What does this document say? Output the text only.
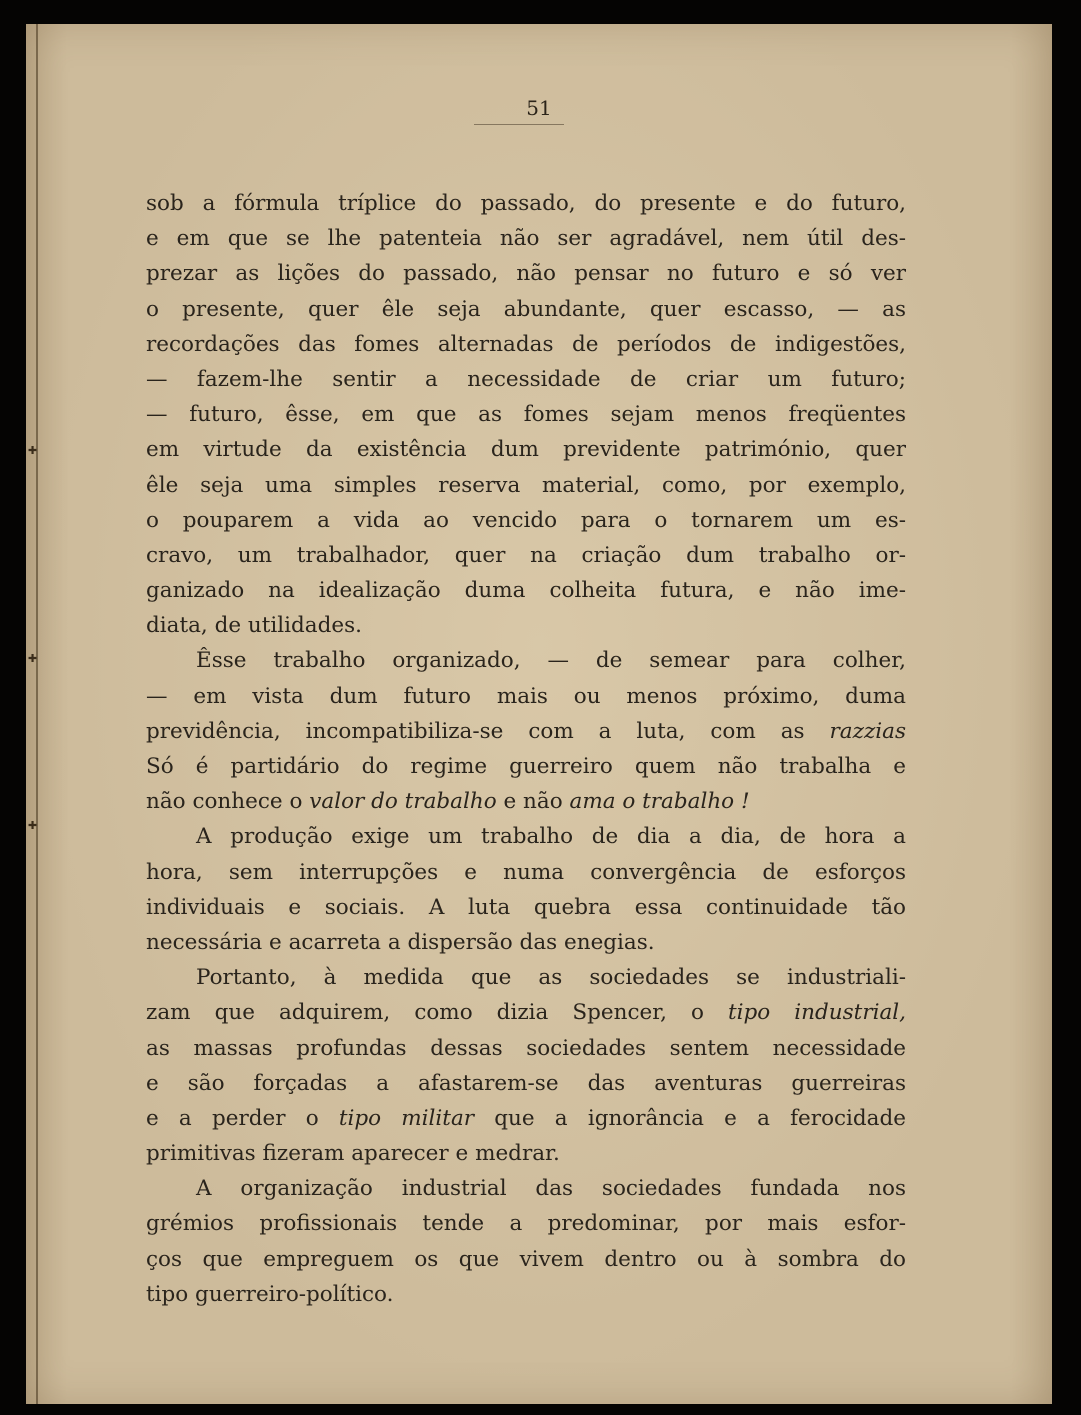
✚
✚
✚
51
sob a fórmula tríplice do passado, do presente e do futuro,
e em que se lhe patenteia não ser agradável, nem útil des-
prezar as lições do passado, não pensar no futuro e só ver
o presente, quer êle seja abundante, quer escasso, — as
recordações das fomes alternadas de períodos de indigestões,
— fazem-lhe sentir a necessidade de criar um futuro;
— futuro, êsse, em que as fomes sejam menos freqüentes
em virtude da existência dum previdente património, quer
êle seja uma simples reserva material, como, por exemplo,
o pouparem a vida ao vencido para o tornarem um es-
cravo, um trabalhador, quer na criação dum trabalho or-
ganizado na idealização duma colheita futura, e não ime-
diata, de utilidades.
Êsse trabalho organizado, — de semear para colher,
— em vista dum futuro mais ou menos próximo, duma
previdência, incompatibiliza-se com a luta, com as razzias
Só é partidário do regime guerreiro quem não trabalha e
não conhece o valor do trabalho e não ama o trabalho !
A produção exige um trabalho de dia a dia, de hora a
hora, sem interrupções e numa convergência de esforços
individuais e sociais. A luta quebra essa continuidade tão
necessária e acarreta a dispersão das enegias.
Portanto, à medida que as sociedades se industriali-
zam que adquirem, como dizia Spencer, o tipo industrial,
as massas profundas dessas sociedades sentem necessidade
e são forçadas a afastarem-se das aventuras guerreiras
e a perder o tipo militar que a ignorância e a ferocidade
primitivas fizeram aparecer e medrar.
A organização industrial das sociedades fundada nos
grémios profissionais tende a predominar, por mais esfor-
ços que empreguem os que vivem dentro ou à sombra do
tipo guerreiro-político.
